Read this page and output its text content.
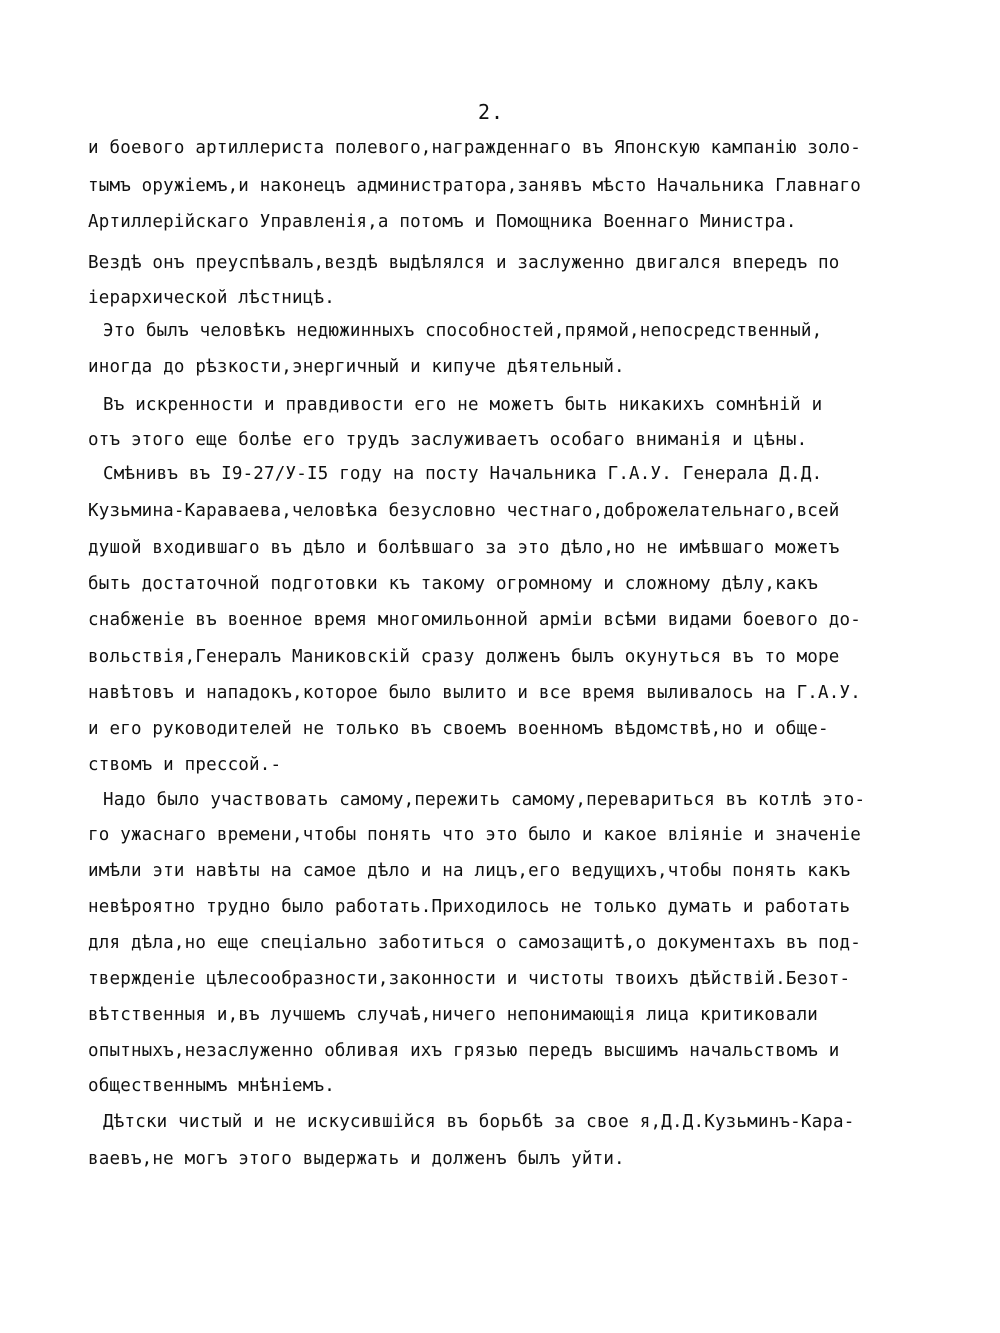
2.
и боевого артиллериста полевого,награжденнаго въ Японскую кампанію золо-
тымъ оружіемъ,и наконецъ администратора,занявъ мѣсто Начальника Главнаго
Артиллерійскаго Управленія,а потомъ и Помощника Военнаго Министра.
Вездѣ онъ преуспѣвалъ,вездѣ выдѣлялся и заслуженно двигался впередъ по
іерархической лѣстницѣ.
Это былъ человѣкъ недюжинныхъ способностей,прямой,непосредственный,
иногда до рѣзкости,энергичный и кипуче дѣятельный.
Въ искренности и правдивости его не можетъ быть никакихъ сомнѣній и
отъ этого еще болѣе его трудъ заслуживаетъ особаго вниманія и цѣны.
Смѣнивъ въ I9-27/У-I5 году на посту Начальника Г.А.У. Генерала Д.Д.
Кузьмина-Караваева,человѣка безусловно честнаго,доброжелательнаго,всей
душой входившаго въ дѣло и болѣвшаго за это дѣло,но не имѣвшаго можетъ
быть достаточной подготовки къ такому огромному и сложному дѣлу,какъ
снабженіе въ военное время многомильонной арміи всѣми видами боевого до-
вольствія,Генералъ Маниковскій сразу долженъ былъ окунуться въ то море
навѣтовъ и нападокъ,которое было вылито и все время выливалось на Г.А.У.
и его руководителей не только въ своемъ военномъ вѣдомствѣ,но и обще-
ствомъ и прессой.-
Надо было участвовать самому,пережить самому,перевариться въ котлѣ это-
го ужаснаго времени,чтобы понять что это было и какое вліяніе и значеніе
имѣли эти навѣты на самое дѣло и на лицъ,его ведущихъ,чтобы понять какъ
невѣроятно трудно было работать.Приходилось не только думать и работать
для дѣла,но еще спеціально заботиться о самозащитѣ,о документахъ въ под-
твержденіе цѣлесообразности,законности и чистоты твоихъ дѣйствій.Безот-
вѣтственныя и,въ лучшемъ случаѣ,ничего непонимающія лица критиковали
опытныхъ,незаслуженно обливая ихъ грязью передъ высшимъ начальствомъ и
общественнымъ мнѣніемъ.
Дѣтски чистый и не искусившійся въ борьбѣ за свое я,Д.Д.Кузьминъ-Кара-
ваевъ,не могъ этого выдержать и долженъ былъ уйти.
